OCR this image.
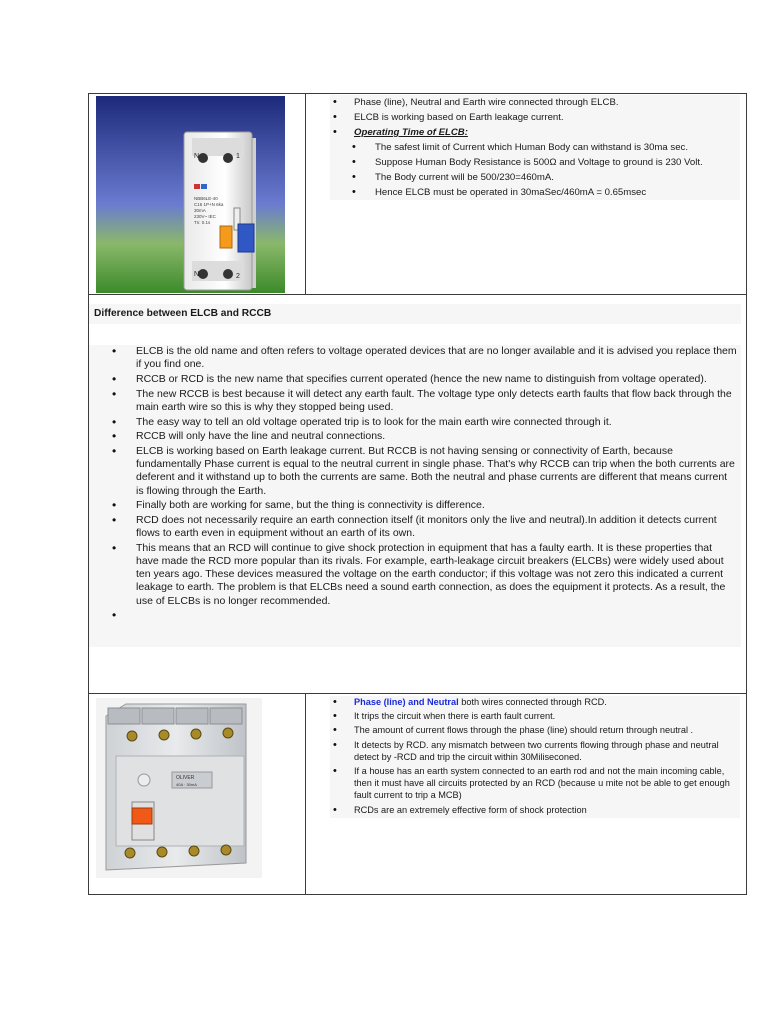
N	1
NBB6LE-40
C16 1P+N 6ka
30mA
230V~ IEC
Tn: 0.1s
N	2
• Phase (line), Neutral and Earth wire connected through ELCB.
• ELCB is working based on Earth leakage current.
• Operating Time of ELCB:
• The safest limit of Current which Human Body can withstand is 30ma sec.
• Suppose Human Body Resistance is 500Ω and Voltage to ground is 230 Volt.
• The Body current will be 500/230=460mA.
• Hence ELCB must be operated in 30maSec/460mA = 0.65msec
Difference between ELCB and RCCB
• ELCB is the old name and often refers to voltage operated devices that are no longer available and it is advised you replace them if you find one.
• RCCB or RCD is the new name that specifies current operated (hence the new name to distinguish from voltage operated).
• The new RCCB is best because it will detect any earth fault. The voltage type only detects earth faults that flow back through the main earth wire so this is why they stopped being used.
• The easy way to tell an old voltage operated trip is to look for the main earth wire connected through it.
• RCCB will only have the line and neutral connections.
• ELCB is working based on Earth leakage current. But RCCB is not having sensing or connectivity of Earth, because fundamentally Phase current is equal to the neutral current in single phase. That's why RCCB can trip when the both currents are deferent and it withstand up to both the currents are same. Both the neutral and phase currents are different that means current is flowing through the Earth.
• Finally both are working for same, but the thing is connectivity is difference.
• RCD does not necessarily require an earth connection itself (it monitors only the live and neutral).In addition it detects current flows to earth even in equipment without an earth of its own.
• This means that an RCD will continue to give shock protection in equipment that has a faulty earth. It is these properties that have made the RCD more popular than its rivals. For example, earth-leakage circuit breakers (ELCBs) were widely used about ten years ago. These devices measured the voltage on the earth conductor; if this voltage was not zero this indicated a current leakage to earth. The problem is that ELCBs need a sound earth connection, as does the equipment it protects. As a result, the use of ELCBs is no longer recommended.
•
OLIVER
40A · 30mA
• Phase (line) and Neutral both wires connected through RCD.
• It trips the circuit when there is earth fault current.
• The amount of current flows through the phase (line) should return through neutral .
• It detects by RCD. any mismatch between two currents flowing through phase and neutral detect by -RCD and trip the circuit within 30Miliseconed.
• If a house has an earth system connected to an earth rod and not the main incoming cable, then it must have all circuits protected by an RCD (because u mite not be able to get enough fault current to trip a MCB)
• RCDs are an extremely effective form of shock protection
